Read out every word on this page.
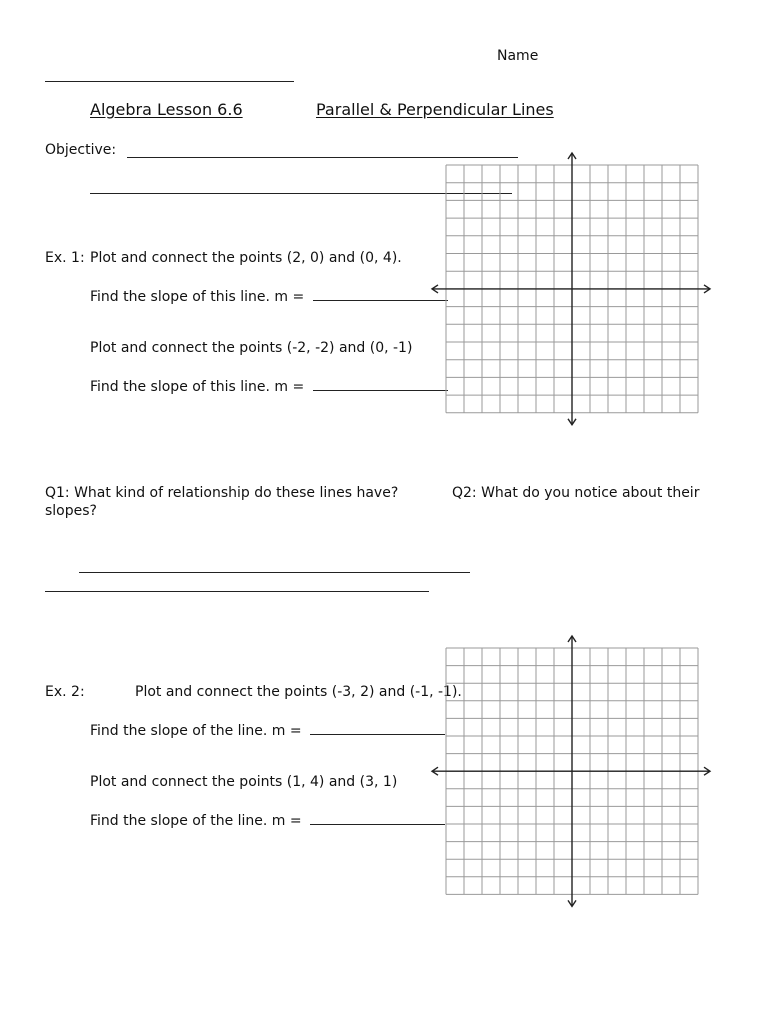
Name
Algebra Lesson 6.6	Parallel & Perpendicular Lines
Objective:
Ex. 1: Plot and connect the points (2, 0) and (0, 4).
Find the slope of this line. m =
Plot and connect the points (-2, -2) and (0, -1)
Find the slope of this line. m =
Q1: What kind of relationship do these lines have?	Q2: What do you notice about their
slopes?
Ex. 2:	Plot and connect the points (-3, 2) and (-1, -1).
Find the slope of the line. m =
Plot and connect the points (1, 4) and (3, 1)
Find the slope of the line. m =
